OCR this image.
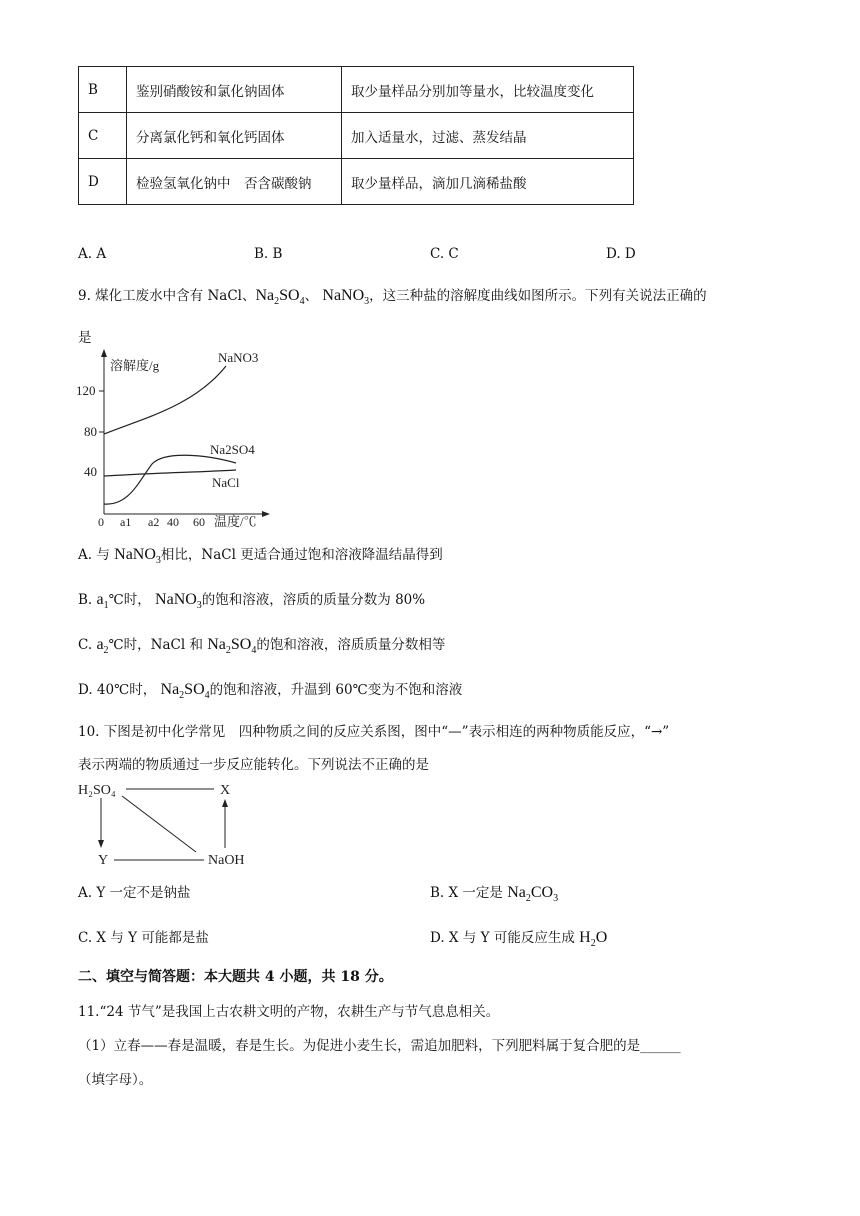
B	鉴别硝酸铵和氯化钠固体	取少量样品分别加等量水，比较温度变化
C	分离氯化钙和氧化钙固体	加入适量水，过滤、蒸发结晶
D	检验氢氧化钠中　否含碳酸钠	取少量样品，滴加几滴稀盐酸
A. A	B. B	C. C	D. D
9. 煤化工废水中含有 NaCl、$Na_2SO_4$、 NaNO$_3$，这三种盐的溶解度曲线如图所示。下列有关说法正确的
是
溶解度/g
120
80
40
0 a1 a2 40 60 温度/℃
NaNO3
Na2SO4
NaCl
A. 与 NaNO$_3$相比，NaCl 更适合通过饱和溶液降温结晶得到
B. $a_1℃$时， NaNO$_3$的饱和溶液，溶质的质量分数为 80%
C. $a_2℃$时，NaCl 和 $Na_2SO_4$的饱和溶液，溶质质量分数相等
D. 40℃时， $Na_2SO_4$的饱和溶液，升温到 60℃变为不饱和溶液
10. 下图是初中化学常见　四种物质之间的反应关系图，图中“—”表示相连的两种物质能反应，“→”
表示两端的物质通过一步反应能转化。下列说法不正确的是
H₂SO₄	X
Y	NaOH
A. Y 一定不是钠盐	B. X 一定是 $Na_2CO_3$
C. X 与 Y 可能都是盐	D. X 与 Y 可能反应生成 $H_2O$
二、填空与简答题：本大题共 4 小题，共 18 分。
11.“24 节气”是我国上古农耕文明的产物，农耕生产与节气息息相关。
（1）立春——春是温暖，春是生长。为促进小麦生长，需追加肥料，下列肥料属于复合肥的是______
（填字母）。
